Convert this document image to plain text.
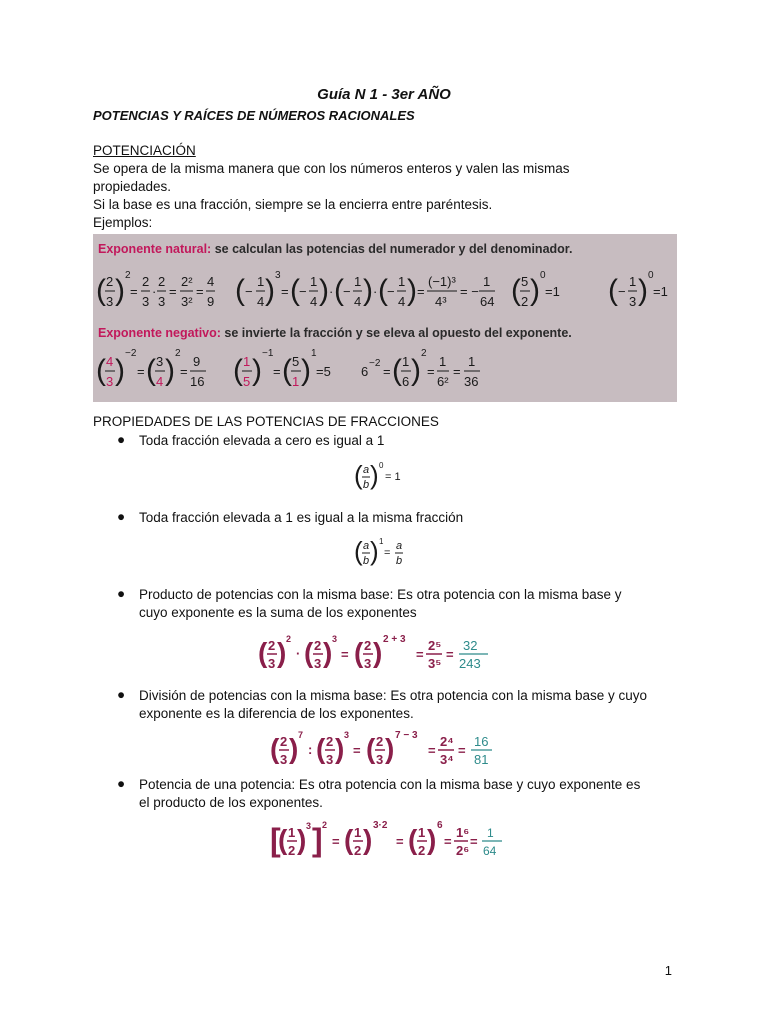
Guía N 1 - 3er AÑO
POTENCIAS Y RAÍCES DE NÚMEROS RACIONALES
POTENCIACIÓN
Se opera de la misma manera que con los números enteros y valen las mismas
propiedades.
Si la base es una fracción, siempre se la encierra entre paréntesis.
Ejemplos:
Exponente natural: se calculan las potencias del numerador y del denominador.
( 2
3 ) 2
=
2
3
·
2
3
=
2²
3²
=
4
9 ( −
1
4 ) 3
= ( −
1
4 ) · ( −
1
4 ) · ( −
1
4 ) =
(−1)³
4³
= −
1
64 ( 5
2 ) 0
=1 ( −
1
3 ) 0
=1
Exponente negativo: se invierte la fracción y se eleva al opuesto del exponente.
( 4
3 )
−2
= ( 3
4 )
2
=
9
16 ( 1
5 )
−1
= ( 5
1 )
1
=5 6
−2
= ( 1
6 )
2
=
1
6²
=
1
36
PROPIEDADES DE LAS POTENCIAS DE FRACCIONES
● Toda fracción elevada a cero es igual a 1
( a
b ) 0
= 1
● Toda fracción elevada a 1 es igual a la misma fracción
( a
b ) 1
=
a
b
● Producto de potencias con la misma base: Es otra potencia con la misma base y
cuyo exponente es la suma de los exponentes
( 2
3 ) 2
· ( 2
3 ) 3
= ( 2
3 ) 2 + 3
=
2⁵
3⁵
=
32
243
● División de potencias con la misma base: Es otra potencia con la misma base y cuyo
exponente es la diferencia de los exponentes.
( 2
3 ) 7
: ( 2
3 ) 3
= ( 2
3 ) 7 − 3
=
2⁴
3⁴
=
16
81
● Potencia de una potencia: Es otra potencia con la misma base y cuyo exponente es
el producto de los exponentes.
[
( 1
2 ) 3 ] 2
= ( 1
2 ) 3·2
= ( 1
2 ) 6
=
1⁶
2⁶
=
1
64
1
